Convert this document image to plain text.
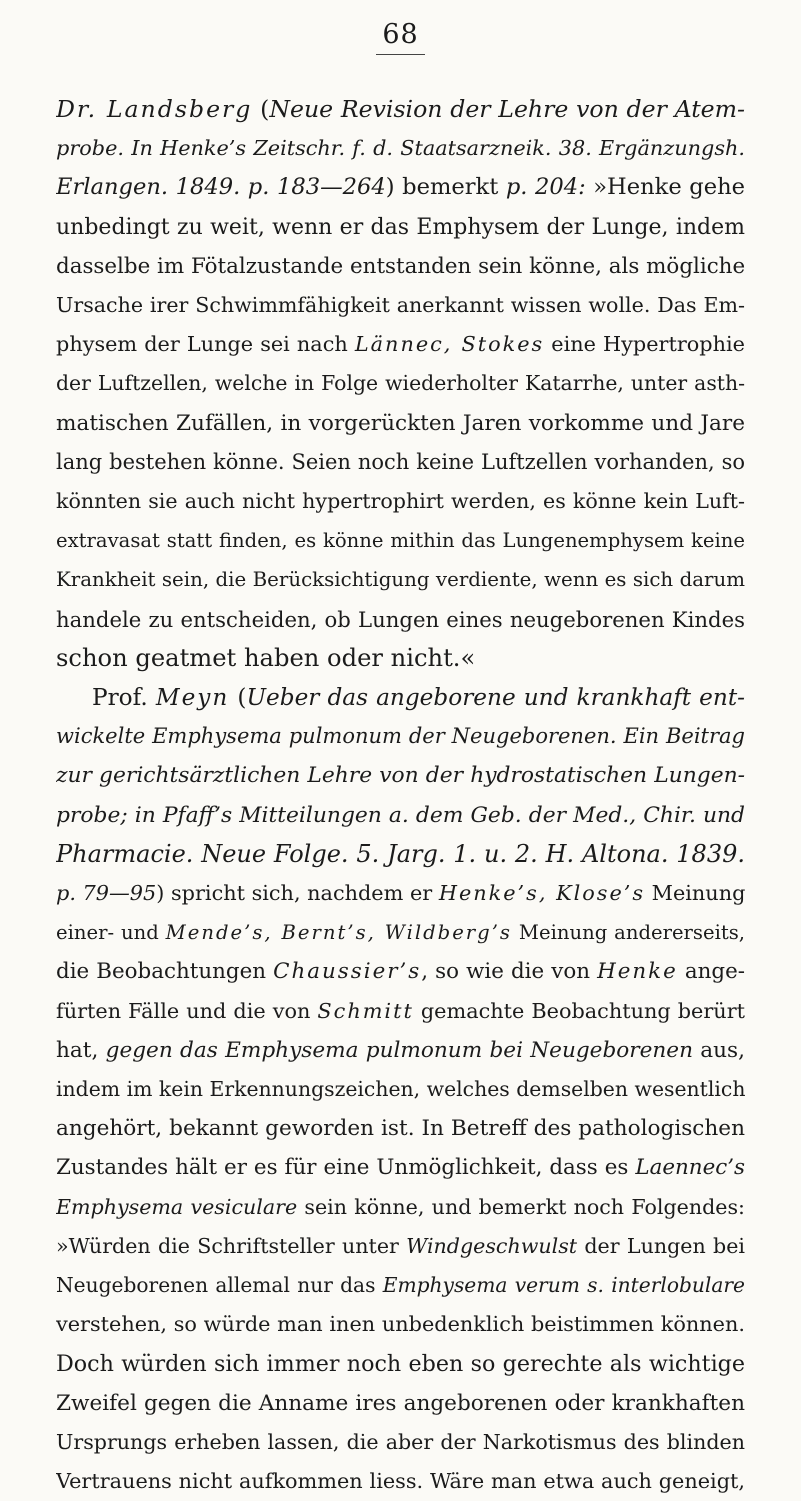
68
Dr. Landsberg (Neue Revision der Lehre von der Atem-
probe. In Henke’s Zeitschr. f. d. Staatsarzneik. 38. Ergänzungsh.
Erlangen. 1849. p. 183—264) bemerkt p. 204: »Henke gehe
unbedingt zu weit, wenn er das Emphysem der Lunge, indem
dasselbe im Fötalzustande entstanden sein könne, als mögliche
Ursache irer Schwimmfähigkeit anerkannt wissen wolle. Das Em-
physem der Lunge sei nach Lännec, Stokes eine Hypertrophie
der Luftzellen, welche in Folge wiederholter Katarrhe, unter asth-
matischen Zufällen, in vorgerückten Jaren vorkomme und Jare
lang bestehen könne. Seien noch keine Luftzellen vorhanden, so
könnten sie auch nicht hypertrophirt werden, es könne kein Luft-
extravasat statt finden, es könne mithin das Lungenemphysem keine
Krankheit sein, die Berücksichtigung verdiente, wenn es sich darum
handele zu entscheiden, ob Lungen eines neugeborenen Kindes
schon geatmet haben oder nicht.«
Prof. Meyn (Ueber das angeborene und krankhaft ent-
wickelte Emphysema pulmonum der Neugeborenen. Ein Beitrag
zur gerichtsärztlichen Lehre von der hydrostatischen Lungen-
probe; in Pfaff’s Mitteilungen a. dem Geb. der Med., Chir. und
Pharmacie. Neue Folge. 5. Jarg. 1. u. 2. H. Altona. 1839.
p. 79—95) spricht sich, nachdem er Henke’s, Klose’s Meinung
einer- und Mende’s, Bernt’s, Wildberg’s Meinung andererseits,
die Beobachtungen Chaussier’s, so wie die von Henke ange-
fürten Fälle und die von Schmitt gemachte Beobachtung berürt
hat, gegen das Emphysema pulmonum bei Neugeborenen aus,
indem im kein Erkennungszeichen, welches demselben wesentlich
angehört, bekannt geworden ist. In Betreff des pathologischen
Zustandes hält er es für eine Unmöglichkeit, dass es Laennec’s
Emphysema vesiculare sein könne, und bemerkt noch Folgendes:
»Würden die Schriftsteller unter Windgeschwulst der Lungen bei
Neugeborenen allemal nur das Emphysema verum s. interlobulare
verstehen, so würde man inen unbedenklich beistimmen können.
Doch würden sich immer noch eben so gerechte als wichtige
Zweifel gegen die Anname ires angeborenen oder krankhaften
Ursprungs erheben lassen, die aber der Narkotismus des blinden
Vertrauens nicht aufkommen liess. Wäre man etwa auch geneigt,
